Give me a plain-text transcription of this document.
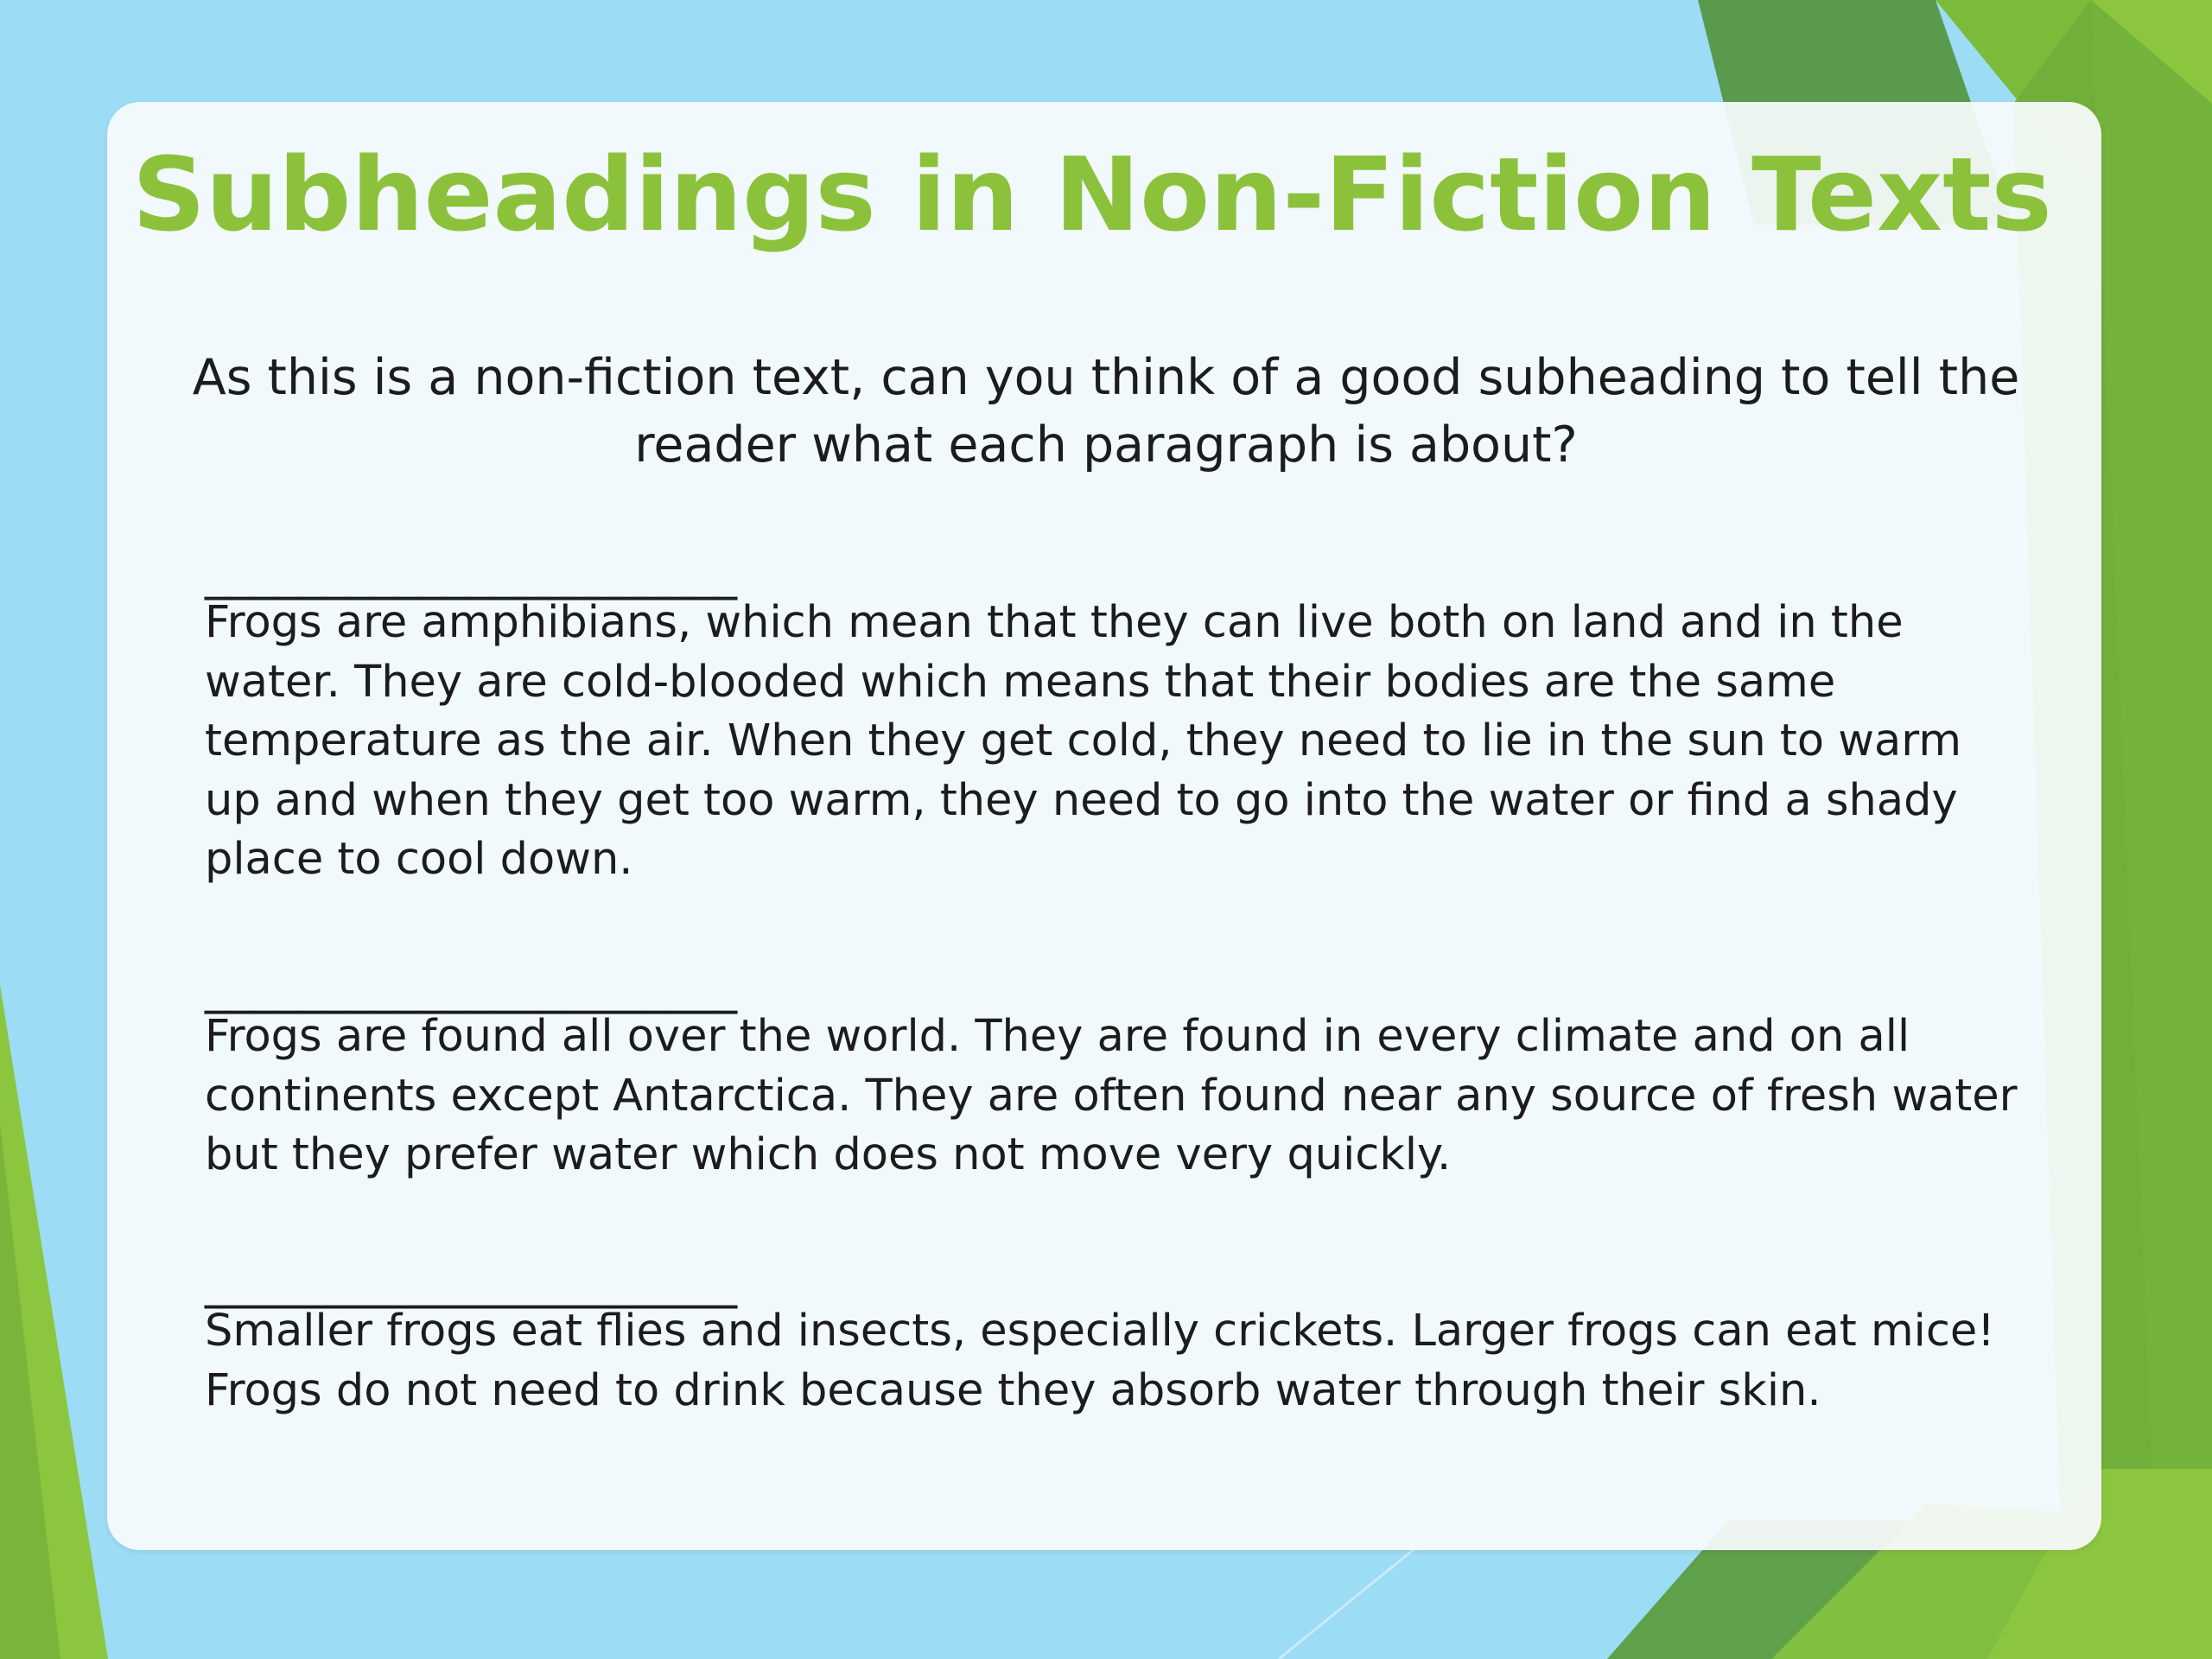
Subheadings in Non-Fiction Texts

As this is a non-fiction text, can you think of a good subheading to tell the reader what each paragraph is about?

______________________

Frogs are amphibians, which mean that they can live both on land and in the water. They are cold-blooded which means that their bodies are the same temperature as the air. When they get cold, they need to lie in the sun to warm up and when they get too warm, they need to go into the water or find a shady place to cool down.

______________________

Frogs are found all over the world. They are found in every climate and on all continents except Antarctica. They are often found near any source of fresh water but they prefer water which does not move very quickly.

______________________

Smaller frogs eat flies and insects, especially crickets. Larger frogs can eat mice! Frogs do not need to drink because they absorb water through their skin.
